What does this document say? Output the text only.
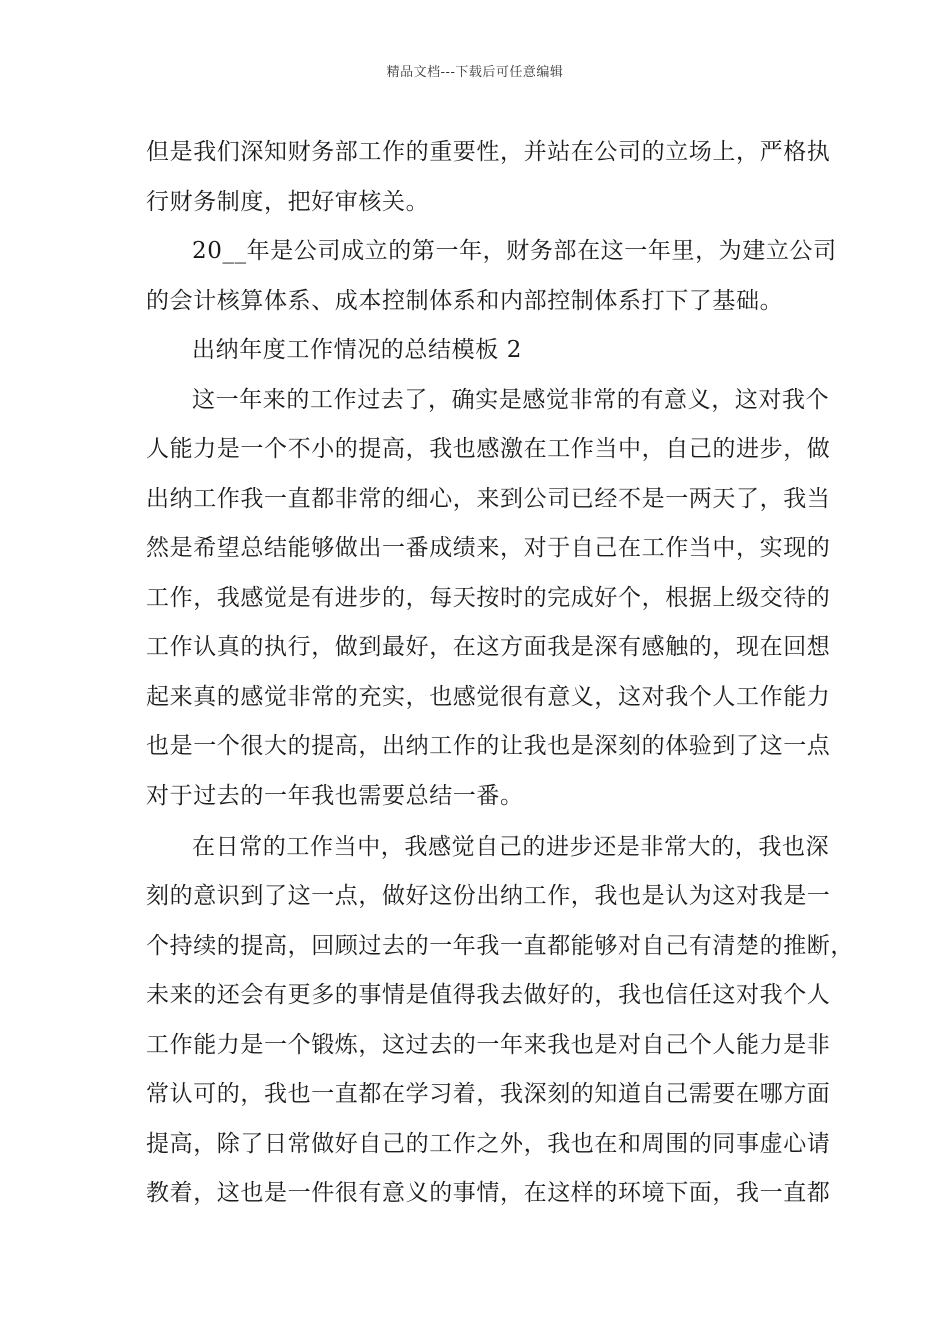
精品文档---下载后可任意编辑
但是我们深知财务部工作的重要性，并站在公司的立场上，严格执
行财务制度，把好审核关。
20__年是公司成立的第一年，财务部在这一年里，为建立公司
的会计核算体系、成本控制体系和内部控制体系打下了基础。
出纳年度工作情况的总结模板 2
这一年来的工作过去了，确实是感觉非常的有意义，这对我个
人能力是一个不小的提高，我也感激在工作当中，自己的进步，做
出纳工作我一直都非常的细心，来到公司已经不是一两天了，我当
然是希望总结能够做出一番成绩来，对于自己在工作当中，实现的
工作，我感觉是有进步的，每天按时的完成好个，根据上级交待的
工作认真的执行，做到最好，在这方面我是深有感触的，现在回想
起来真的感觉非常的充实，也感觉很有意义，这对我个人工作能力
也是一个很大的提高，出纳工作的让我也是深刻的体验到了这一点
对于过去的一年我也需要总结一番。
在日常的工作当中，我感觉自己的进步还是非常大的，我也深
刻的意识到了这一点，做好这份出纳工作，我也是认为这对我是一
个持续的提高，回顾过去的一年我一直都能够对自己有清楚的推断，
未来的还会有更多的事情是值得我去做好的，我也信任这对我个人
工作能力是一个锻炼，这过去的一年来我也是对自己个人能力是非
常认可的，我也一直都在学习着，我深刻的知道自己需要在哪方面
提高，除了日常做好自己的工作之外，我也在和周围的同事虚心请
教着，这也是一件很有意义的事情，在这样的环境下面，我一直都
